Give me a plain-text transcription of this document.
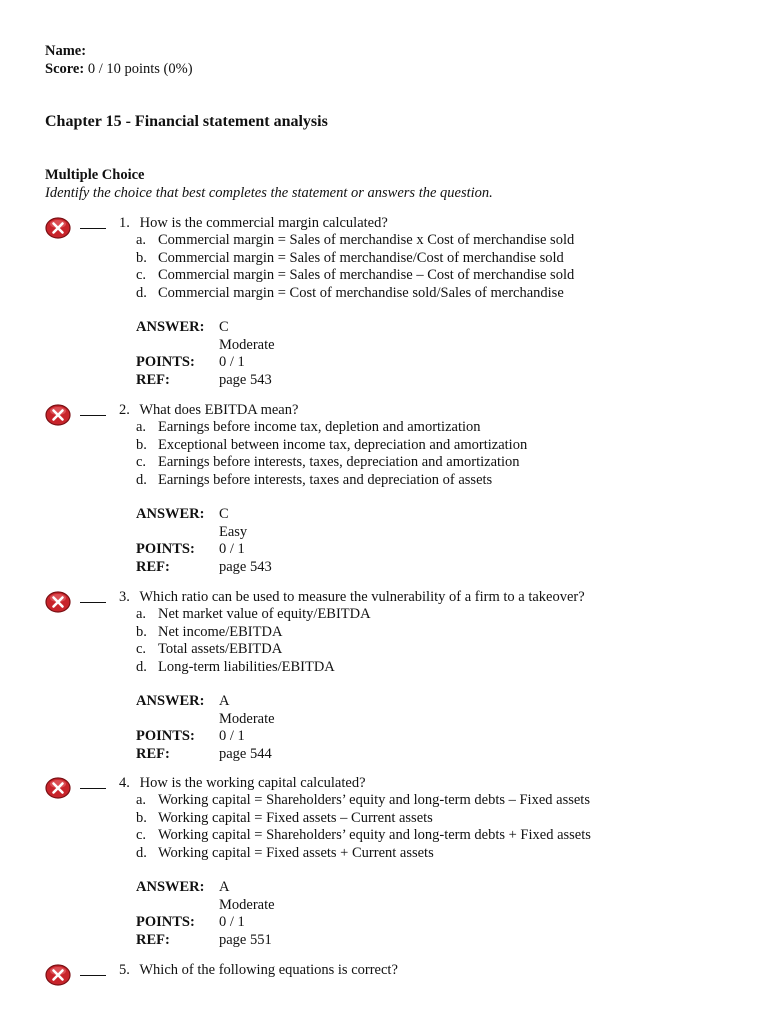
Name:
Score: 0 / 10 points (0%)
Chapter 15 - Financial statement analysis
Multiple Choice
Identify the choice that best completes the statement or answers the question.
1. How is the commercial margin calculated?
a. Commercial margin = Sales of merchandise x Cost of merchandise sold
b. Commercial margin = Sales of merchandise/Cost of merchandise sold
c. Commercial margin = Sales of merchandise – Cost of merchandise sold
d. Commercial margin = Cost of merchandise sold/Sales of merchandise
ANSWER: C
Moderate
POINTS: 0 / 1
REF:	page 543
2. What does EBITDA mean?
a. Earnings before income tax, depletion and amortization
b. Exceptional between income tax, depreciation and amortization
c. Earnings before interests, taxes, depreciation and amortization
d. Earnings before interests, taxes and depreciation of assets
ANSWER: C
Easy
POINTS: 0 / 1
REF:	page 543
3. Which ratio can be used to measure the vulnerability of a firm to a takeover?
a. Net market value of equity/EBITDA
b. Net income/EBITDA
c. Total assets/EBITDA
d. Long-term liabilities/EBITDA
ANSWER: A
Moderate
POINTS: 0 / 1
REF:	page 544
4. How is the working capital calculated?
a. Working capital = Shareholders’ equity and long-term debts – Fixed assets
b. Working capital = Fixed assets – Current assets
c. Working capital = Shareholders’ equity and long-term debts + Fixed assets
d. Working capital = Fixed assets + Current assets
ANSWER: A
Moderate
POINTS: 0 / 1
REF:	page 551
5. Which of the following equations is correct?
